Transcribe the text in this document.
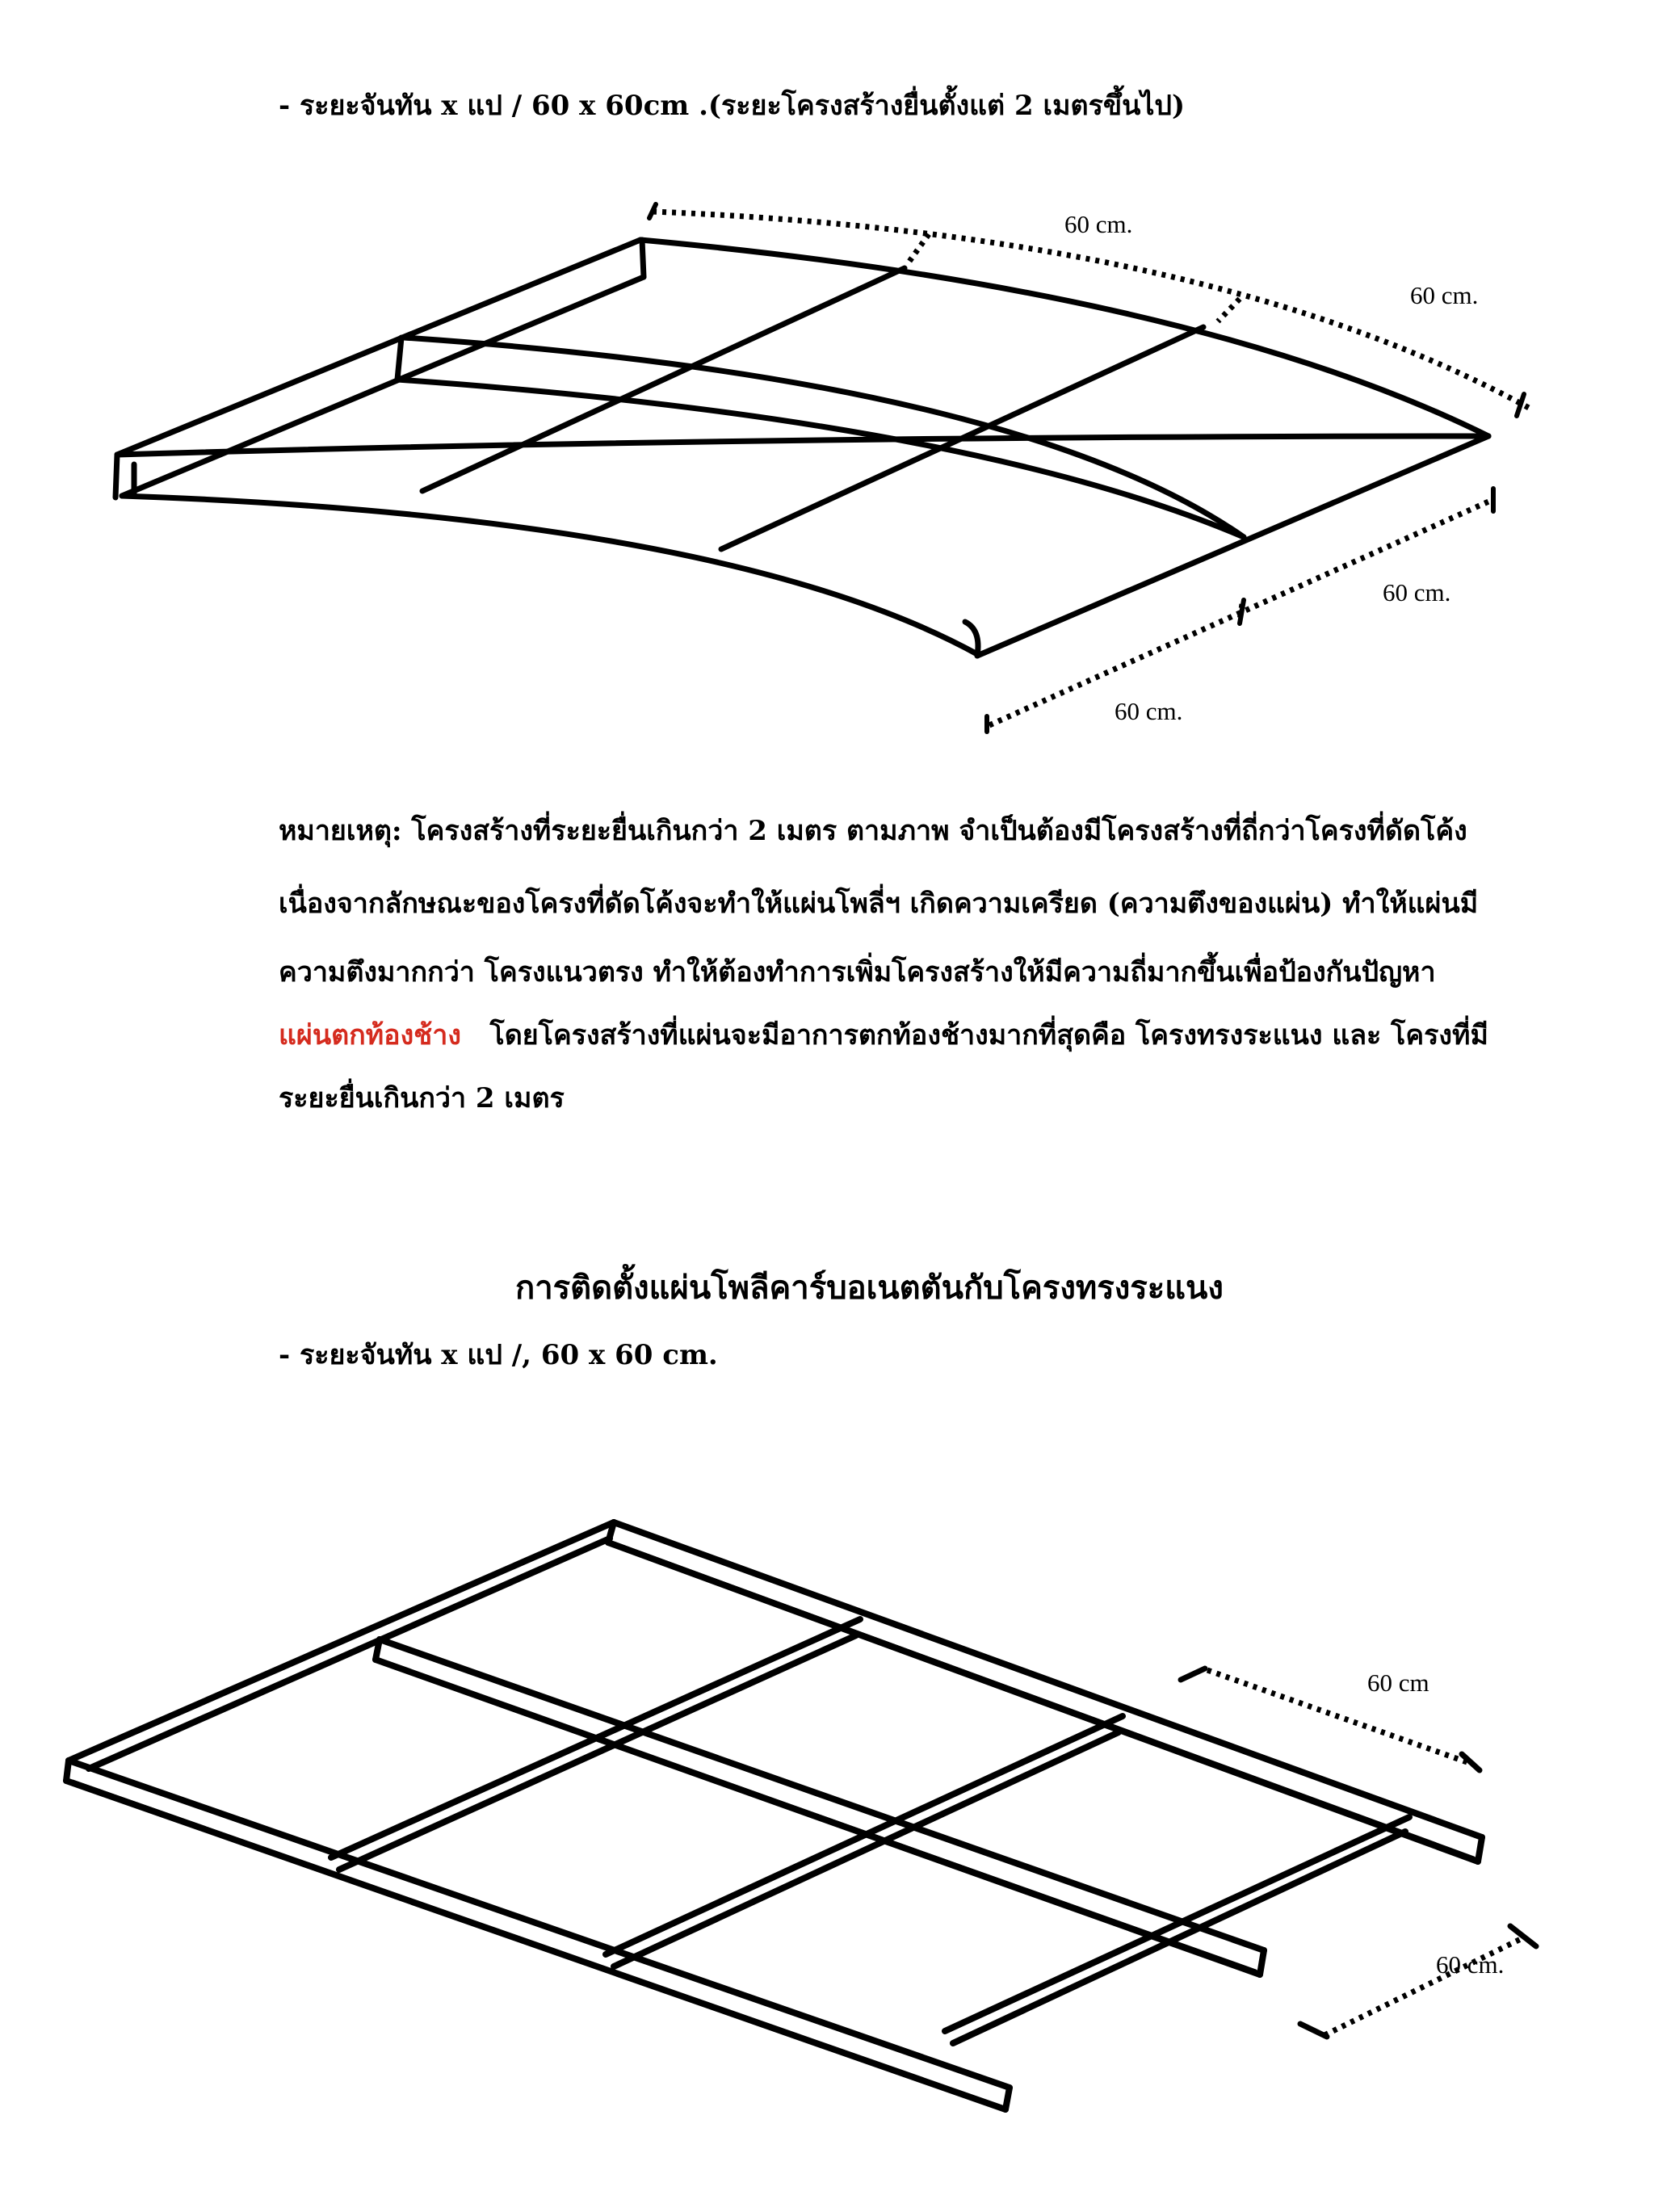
- ระยะจันทัน x แป / 60 x 60cm .(ระยะโครงสร้างยื่นตั้งแต่ 2 เมตรขึ้นไป)
60 cm.
60 cm.
60 cm.
60 cm.
หมายเหตุ: โครงสร้างที่ระยะยื่นเกินกว่า 2 เมตร ตามภาพ จำเป็นต้องมีโครงสร้างที่ถี่กว่าโครงที่ดัดโค้ง
เนื่องจากลักษณะของโครงที่ดัดโค้งจะทำให้แผ่นโพลี่ฯ เกิดความเครียด (ความตึงของแผ่น) ทำให้แผ่นมี
ความตึงมากกว่า โครงแนวตรง ทำให้ต้องทำการเพิ่มโครงสร้างให้มีความถี่มากขึ้นเพื่อป้องกันปัญหา
แผ่นตกท้องช้าง โดยโครงสร้างที่แผ่นจะมีอาการตกท้องช้างมากที่สุดคือ โครงทรงระแนง และ โครงที่มี
ระยะยื่นเกินกว่า 2 เมตร
การติดตั้งแผ่นโพลีคาร์บอเนตตันกับโครงทรงระแนง
- ระยะจันทัน x แป /, 60 x 60 cm.
60 cm
60 cm.
